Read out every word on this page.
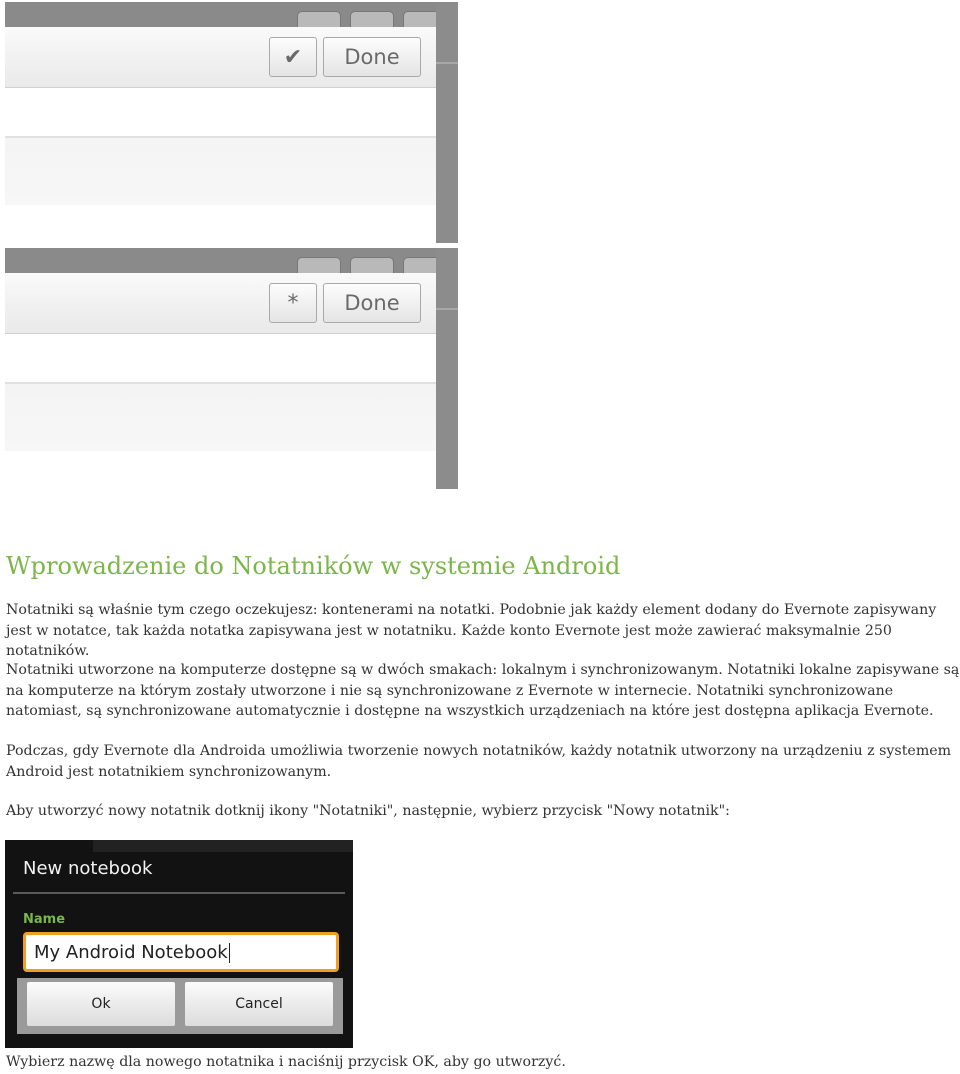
✔	Done
*	Done
Wprowadzenie do Notatników w systemie Android

Notatniki są właśnie tym czego oczekujesz: kontenerami na notatki. Podobnie jak każdy element dodany do Evernote zapisywany jest w notatce, tak każda notatka zapisywana jest w notatniku. Każde konto Evernote jest może zawierać maksymalnie 250 notatników.

Notatniki utworzone na komputerze dostępne są w dwóch smakach: lokalnym i synchronizowanym. Notatniki lokalne zapisywane są na komputerze na którym zostały utworzone i nie są synchronizowane z Evernote w internecie. Notatniki synchronizowane natomiast, są synchronizowane automatycznie i dostępne na wszystkich urządzeniach na które jest dostępna aplikacja Evernote.

Podczas, gdy Evernote dla Androida umożliwia tworzenie nowych notatników, każdy notatnik utworzony na urządzeniu z systemem Android jest notatnikiem synchronizowanym.

Aby utworzyć nowy notatnik dotknij ikony "Notatniki", następnie, wybierz przycisk "Nowy notatnik":

New notebook
Name
My Android Notebook
Ok	Cancel

Wybierz nazwę dla nowego notatnika i naciśnij przycisk OK, aby go utworzyć.
